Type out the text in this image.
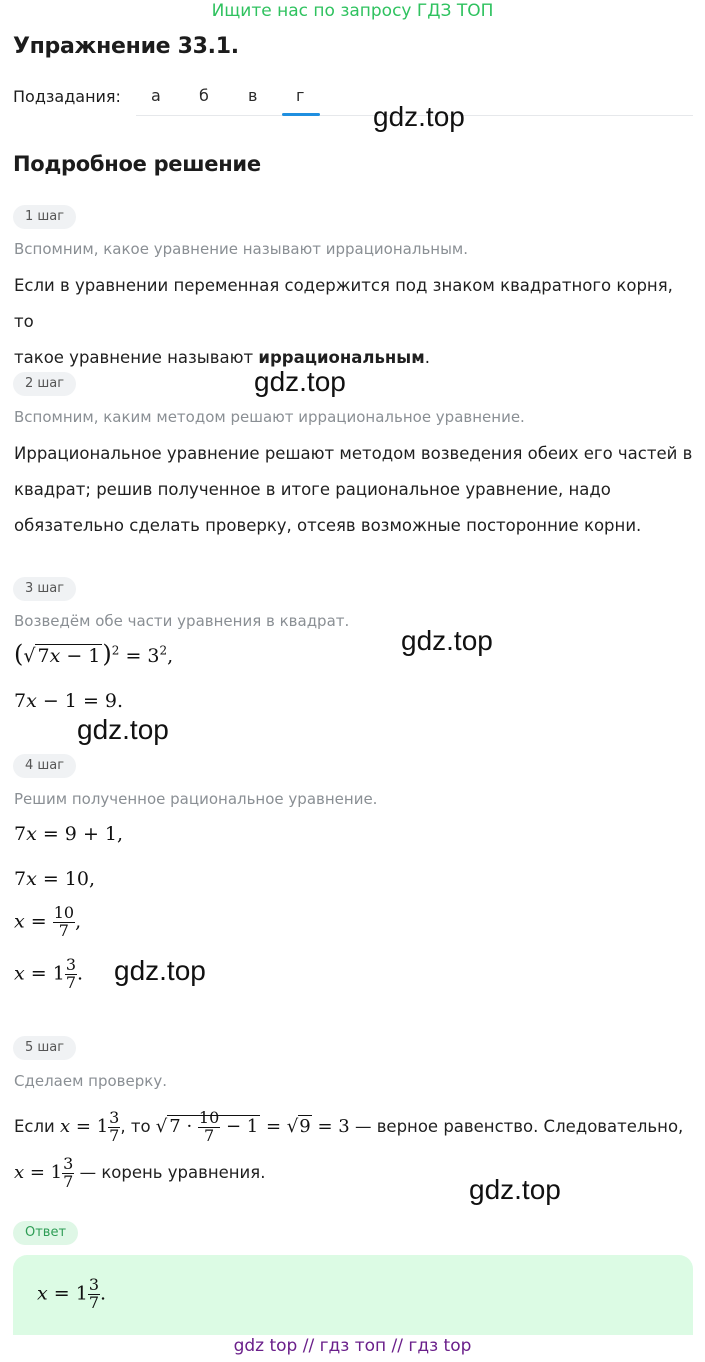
Ищите нас по запросу ГДЗ ТОП
Упражнение 33.1.
Подзадания: а б в г
gdz.top
Подробное решение
1 шаг
Вспомним, какое уравнение называют иррациональным.
Если в уравнении переменная содержится под знаком квадратного корня, то
такое уравнение называют иррациональным.
2 шаг	gdz.top
Вспомним, каким методом решают иррациональное уравнение.
Иррациональное уравнение решают методом возведения обеих его частей в
квадрат; решив полученное в итоге рациональное уравнение, надо
обязательно сделать проверку, отсеяв возможные посторонние корни.
3 шаг
Возведём обе части уравнения в квадрат.
gdz.top
(√ $7x - 1)^2 = 3^2$,
7x − 1 = 9.
gdz.top
4 шаг
Решим полученное рациональное уравнение.
7x = 9 + 1,
7x = 10,
$x = \frac{10}{7}$ ,
$x = 1 \frac{3}{7}$ . gdz.top
5 шаг
Сделаем проверку.
Если $x = 1 \frac{3}{7}$ , то √ $7 \cdot \frac{10}{7} - 1 = √9 = 3$ — верное равенство. Следовательно,
$x = 1 \frac{3}{7}$ — корень уравнения.
gdz.top
Ответ
$x = 1 \frac{3}{7}$ .
gdz top // гдз топ // гдз top
